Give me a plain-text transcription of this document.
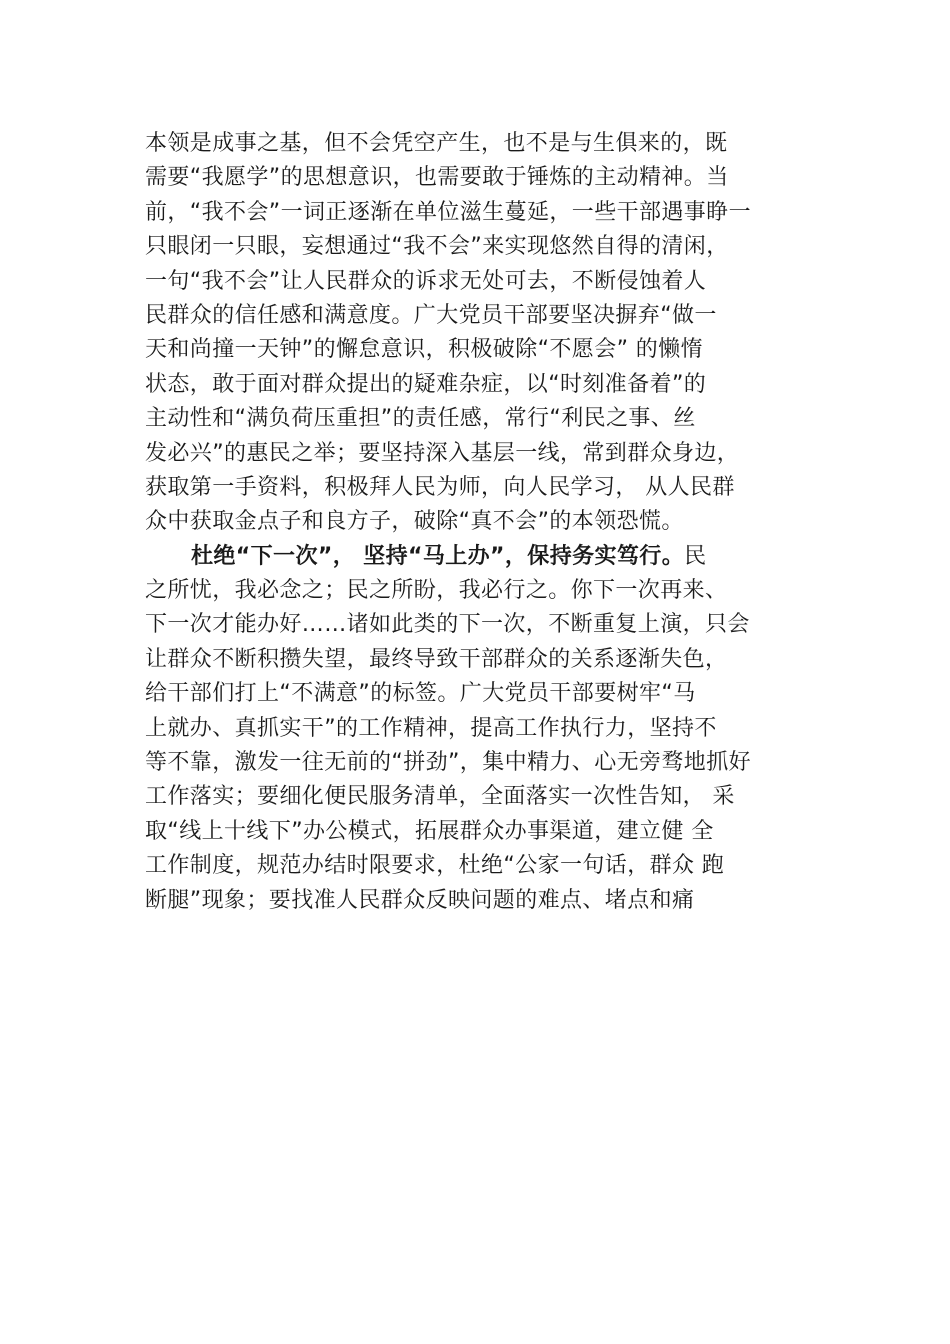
本领是成事之基，但不会凭空产生，也不是与生俱来的，既
需要“我愿学”的思想意识，也需要敢于锤炼的主动精神。当
前，“我不会”一词正逐渐在单位滋生蔓延，一些干部遇事睁一
只眼闭一只眼，妄想通过“我不会”来实现悠然自得的清闲，
一句“我不会”让人民群众的诉求无处可去，不断侵蚀着人
民群众的信任感和满意度。广大党员干部要坚决摒弃“做一
天和尚撞一天钟”的懈怠意识，积极破除“不愿会” 的懒惰
状态，敢于面对群众提出的疑难杂症，以“时刻准备着”的
主动性和“满负荷压重担”的责任感，常行“利民之事、丝
发必兴”的惠民之举；要坚持深入基层一线，常到群众身边，
获取第一手资料，积极拜人民为师，向人民学习， 从人民群
众中获取金点子和良方子，破除“真不会”的本领恐慌。
杜绝“下一次”， 坚持“马上办”，保持务实笃行。民
之所忧，我必念之；民之所盼，我必行之。你下一次再来、
下一次才能办好……诸如此类的下一次，不断重复上演，只会
让群众不断积攒失望，最终导致干部群众的关系逐渐失色，
给干部们打上“不满意”的标签。广大党员干部要树牢“马
上就办、真抓实干”的工作精神，提高工作执行力，坚持不
等不靠，激发一往无前的“拼劲”，集中精力、心无旁骛地抓好
工作落实；要细化便民服务清单，全面落实一次性告知， 采
取“线上十线下”办公模式，拓展群众办事渠道，建立健 全
工作制度，规范办结时限要求，杜绝“公家一句话，群众 跑
断腿”现象；要找准人民群众反映问题的难点、堵点和痛
